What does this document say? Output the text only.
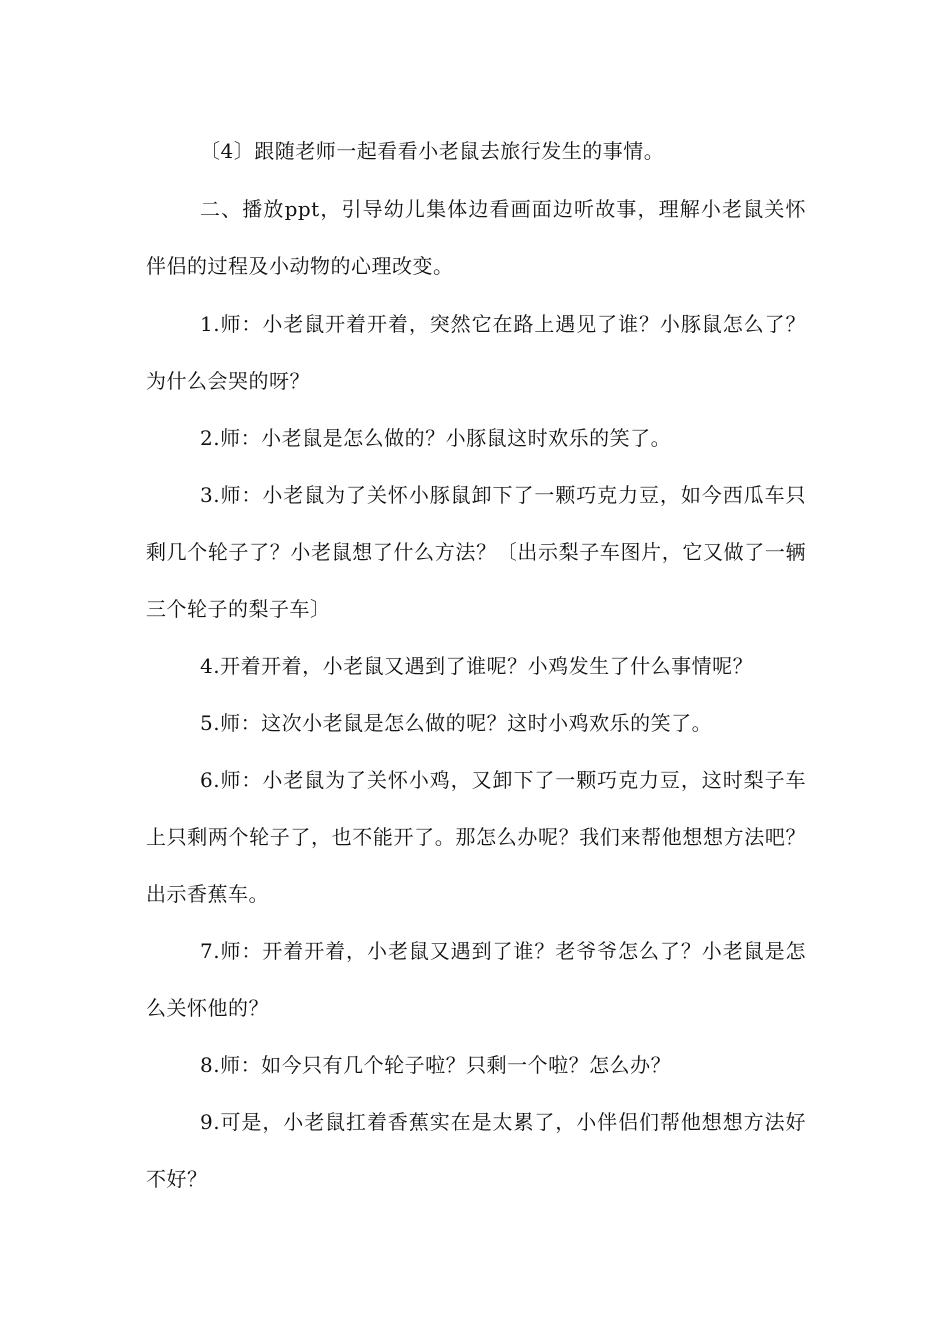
〔4〕跟随老师一起看看小老鼠去旅行发生的事情。

二、播放ppt，引导幼儿集体边看画面边听故事，理解小老鼠关怀伴侣的过程及小动物的心理改变。

1.师：小老鼠开着开着，突然它在路上遇见了谁？小豚鼠怎么了？为什么会哭的呀？

2.师：小老鼠是怎么做的？小豚鼠这时欢乐的笑了。

3.师：小老鼠为了关怀小豚鼠卸下了一颗巧克力豆，如今西瓜车只剩几个轮子了？小老鼠想了什么方法？〔出示梨子车图片，它又做了一辆三个轮子的梨子车〕

4.开着开着，小老鼠又遇到了谁呢？小鸡发生了什么事情呢？

5.师：这次小老鼠是怎么做的呢？这时小鸡欢乐的笑了。

6.师：小老鼠为了关怀小鸡，又卸下了一颗巧克力豆，这时梨子车上只剩两个轮子了，也不能开了。那怎么办呢？我们来帮他想想方法吧？出示香蕉车。

7.师：开着开着，小老鼠又遇到了谁？老爷爷怎么了？小老鼠是怎么关怀他的？

8.师：如今只有几个轮子啦？只剩一个啦？怎么办？

9.可是，小老鼠扛着香蕉实在是太累了，小伴侣们帮他想想方法好不好？
